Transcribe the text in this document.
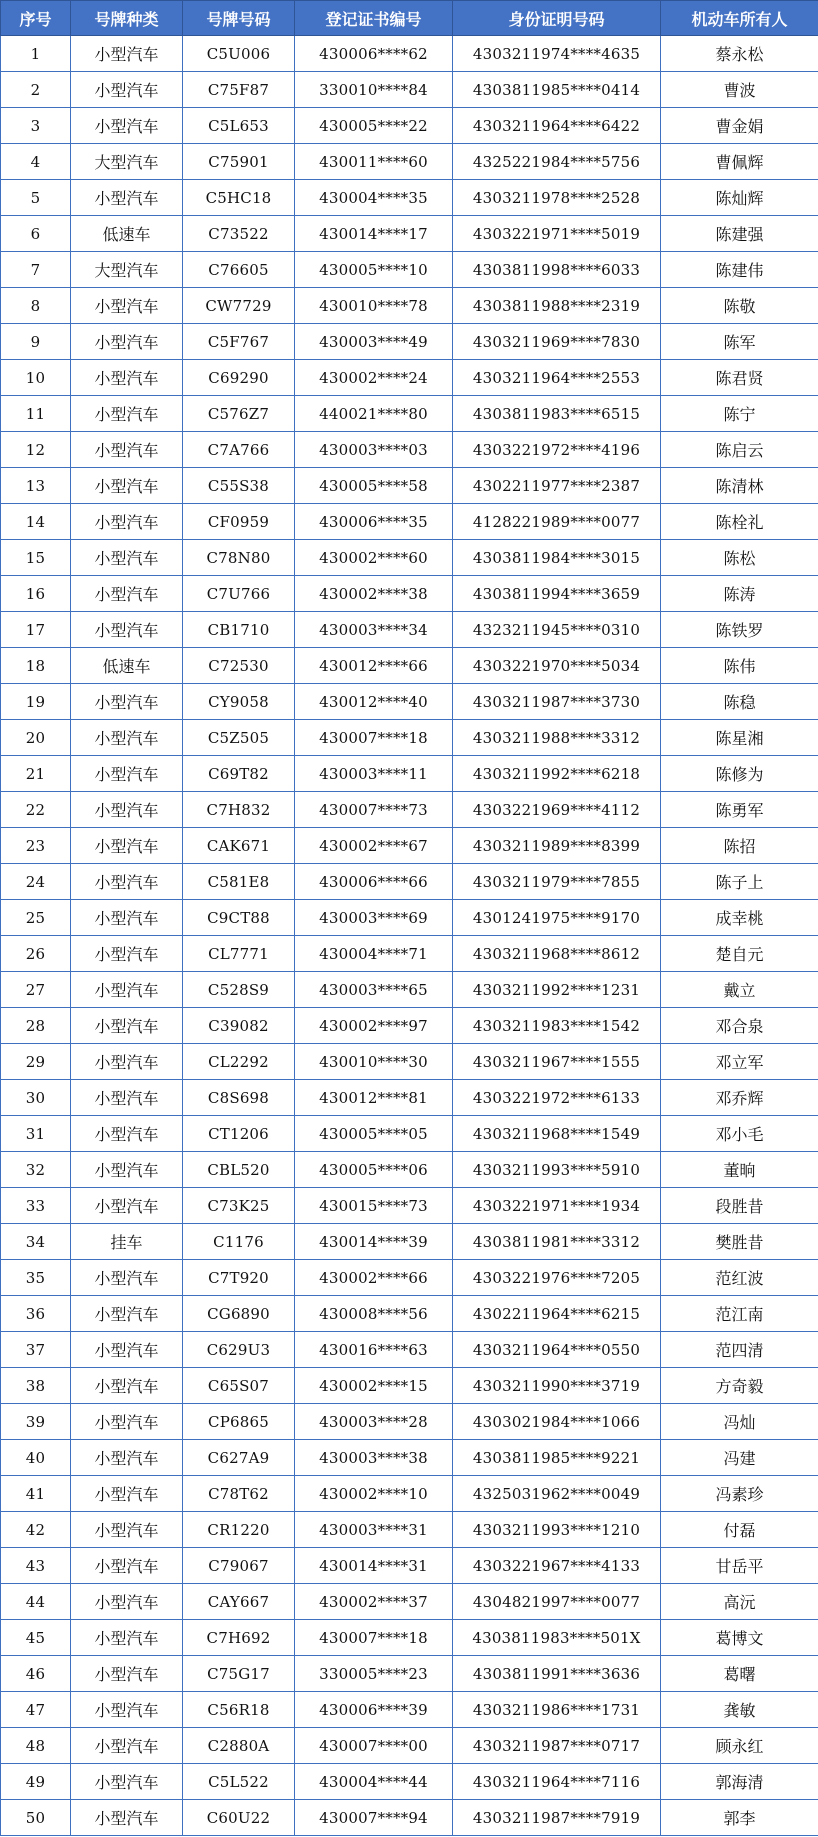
序号	号牌种类	号牌号码	登记证书编号	身份证明号码	机动车所有人
1	小型汽车	C5U006	430006****62	4303211974****4635	蔡永松
2	小型汽车	C75F87	330010****84	4303811985****0414	曹波
3	小型汽车	C5L653	430005****22	4303211964****6422	曹金娟
4	大型汽车	C75901	430011****60	4325221984****5756	曹佩辉
5	小型汽车	C5HC18	430004****35	4303211978****2528	陈灿辉
6	低速车	C73522	430014****17	4303221971****5019	陈建强
7	大型汽车	C76605	430005****10	4303811998****6033	陈建伟
8	小型汽车	CW7729	430010****78	4303811988****2319	陈敬
9	小型汽车	C5F767	430003****49	4303211969****7830	陈军
10	小型汽车	C69290	430002****24	4303211964****2553	陈君贤
11	小型汽车	C576Z7	440021****80	4303811983****6515	陈宁
12	小型汽车	C7A766	430003****03	4303221972****4196	陈启云
13	小型汽车	C55S38	430005****58	4302211977****2387	陈清林
14	小型汽车	CF0959	430006****35	4128221989****0077	陈栓礼
15	小型汽车	C78N80	430002****60	4303811984****3015	陈松
16	小型汽车	C7U766	430002****38	4303811994****3659	陈涛
17	小型汽车	CB1710	430003****34	4323211945****0310	陈铁罗
18	低速车	C72530	430012****66	4303221970****5034	陈伟
19	小型汽车	CY9058	430012****40	4303211987****3730	陈稳
20	小型汽车	C5Z505	430007****18	4303211988****3312	陈星湘
21	小型汽车	C69T82	430003****11	4303211992****6218	陈修为
22	小型汽车	C7H832	430007****73	4303221969****4112	陈勇军
23	小型汽车	CAK671	430002****67	4303211989****8399	陈招
24	小型汽车	C581E8	430006****66	4303211979****7855	陈子上
25	小型汽车	C9CT88	430003****69	4301241975****9170	成幸桃
26	小型汽车	CL7771	430004****71	4303211968****8612	楚自元
27	小型汽车	C528S9	430003****65	4303211992****1231	戴立
28	小型汽车	C39082	430002****97	4303211983****1542	邓合泉
29	小型汽车	CL2292	430010****30	4303211967****1555	邓立军
30	小型汽车	C8S698	430012****81	4303221972****6133	邓乔辉
31	小型汽车	CT1206	430005****05	4303211968****1549	邓小毛
32	小型汽车	CBL520	430005****06	4303211993****5910	董晌
33	小型汽车	C73K25	430015****73	4303221971****1934	段胜昔
34	挂车	C1176	430014****39	4303811981****3312	樊胜昔
35	小型汽车	C7T920	430002****66	4303221976****7205	范红波
36	小型汽车	CG6890	430008****56	4302211964****6215	范江南
37	小型汽车	C629U3	430016****63	4303211964****0550	范四清
38	小型汽车	C65S07	430002****15	4303211990****3719	方奇毅
39	小型汽车	CP6865	430003****28	4303021984****1066	冯灿
40	小型汽车	C627A9	430003****38	4303811985****9221	冯建
41	小型汽车	C78T62	430002****10	4325031962****0049	冯素珍
42	小型汽车	CR1220	430003****31	4303211993****1210	付磊
43	小型汽车	C79067	430014****31	4303221967****4133	甘岳平
44	小型汽车	CAY667	430002****37	4304821997****0077	高沅
45	小型汽车	C7H692	430007****18	4303811983****501X	葛博文
46	小型汽车	C75G17	330005****23	4303811991****3636	葛曙
47	小型汽车	C56R18	430006****39	4303211986****1731	龚敏
48	小型汽车	C2880A	430007****00	4303211987****0717	顾永红
49	小型汽车	C5L522	430004****44	4303211964****7116	郭海清
50	小型汽车	C60U22	430007****94	4303211987****7919	郭李
